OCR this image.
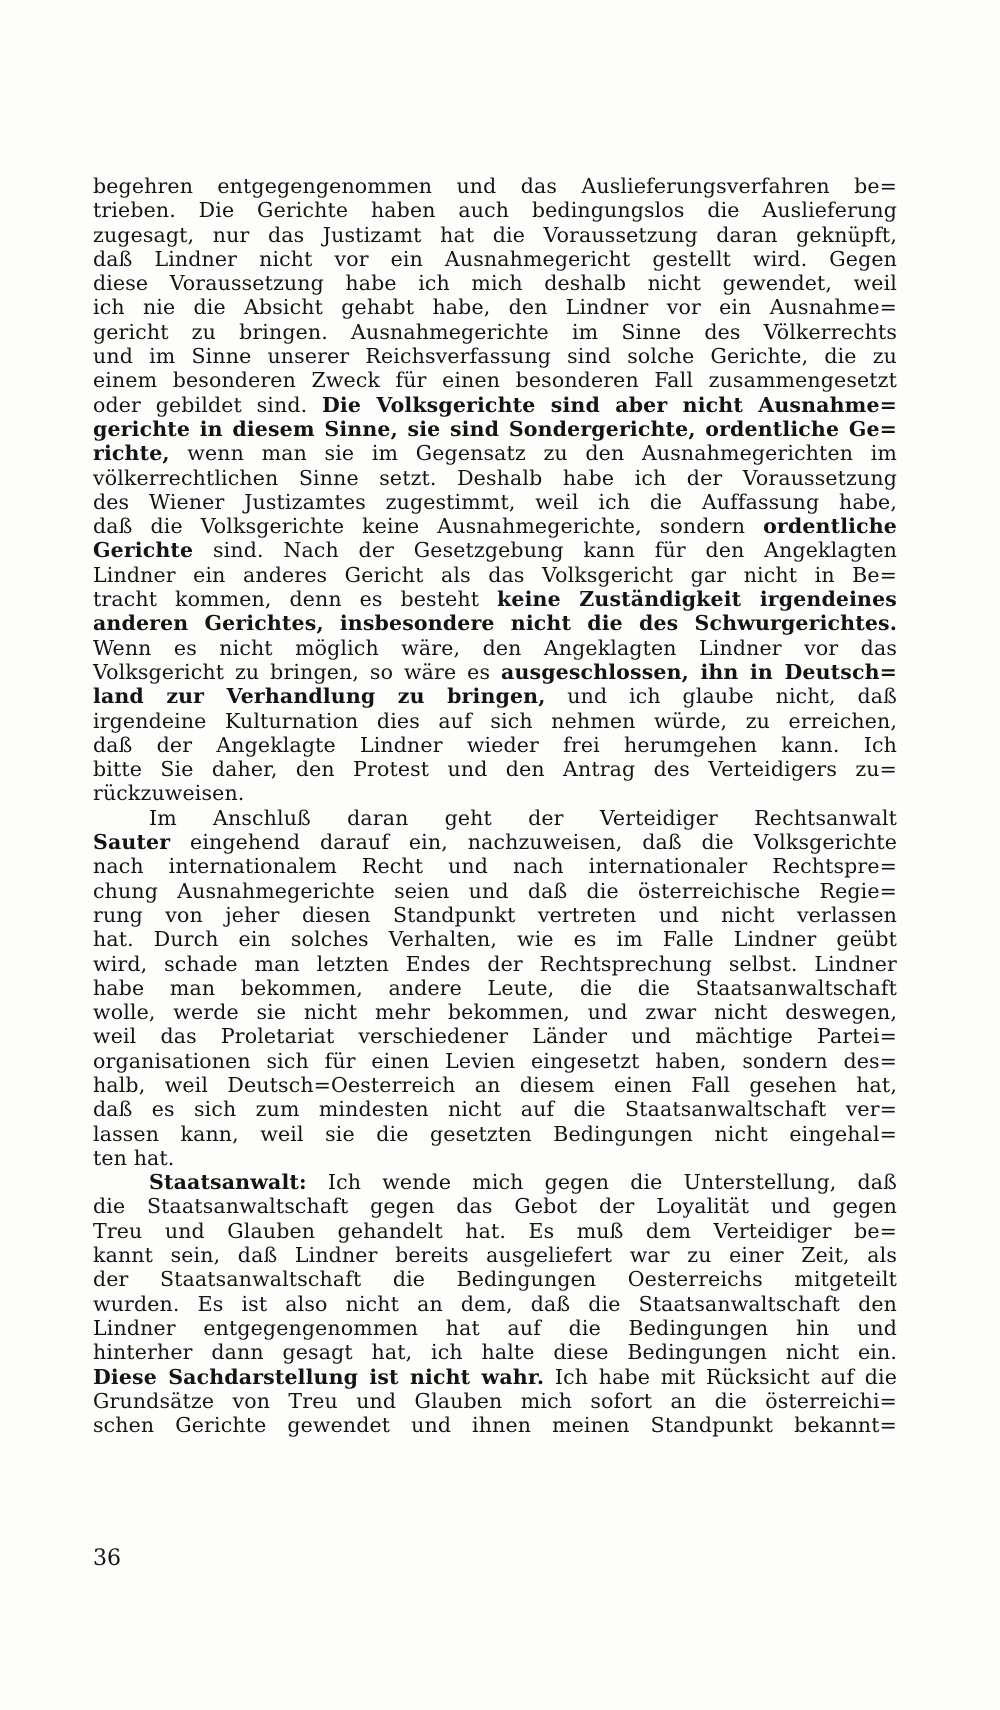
begehren entgegengenommen und das Auslieferungsverfahren be=
trieben. Die Gerichte haben auch bedingungslos die Auslieferung
zugesagt, nur das Justizamt hat die Voraussetzung daran geknüpft,
daß Lindner nicht vor ein Ausnahmegericht gestellt wird. Gegen
diese Voraussetzung habe ich mich deshalb nicht gewendet, weil
ich nie die Absicht gehabt habe, den Lindner vor ein Ausnahme=
gericht zu bringen. Ausnahmegerichte im Sinne des Völkerrechts
und im Sinne unserer Reichsverfassung sind solche Gerichte, die zu
einem besonderen Zweck für einen besonderen Fall zusammengesetzt
oder gebildet sind. Die Volksgerichte sind aber nicht Ausnahme=
gerichte in diesem Sinne, sie sind Sondergerichte, ordentliche Ge=
richte, wenn man sie im Gegensatz zu den Ausnahmegerichten im
völkerrechtlichen Sinne setzt. Deshalb habe ich der Voraussetzung
des Wiener Justizamtes zugestimmt, weil ich die Auffassung habe,
daß die Volksgerichte keine Ausnahmegerichte, sondern ordentliche
Gerichte sind. Nach der Gesetzgebung kann für den Angeklagten
Lindner ein anderes Gericht als das Volksgericht gar nicht in Be=
tracht kommen, denn es besteht keine Zuständigkeit irgendeines
anderen Gerichtes, insbesondere nicht die des Schwurgerichtes.
Wenn es nicht möglich wäre, den Angeklagten Lindner vor das
Volksgericht zu bringen, so wäre es ausgeschlossen, ihn in Deutsch=
land zur Verhandlung zu bringen, und ich glaube nicht, daß
irgendeine Kulturnation dies auf sich nehmen würde, zu erreichen,
daß der Angeklagte Lindner wieder frei herumgehen kann. Ich
bitte Sie daher, den Protest und den Antrag des Verteidigers zu=
rückzuweisen.
Im Anschluß daran geht der Verteidiger Rechtsanwalt
Sauter eingehend darauf ein, nachzuweisen, daß die Volksgerichte
nach internationalem Recht und nach internationaler Rechtspre=
chung Ausnahmegerichte seien und daß die österreichische Regie=
rung von jeher diesen Standpunkt vertreten und nicht verlassen
hat. Durch ein solches Verhalten, wie es im Falle Lindner geübt
wird, schade man letzten Endes der Rechtsprechung selbst. Lindner
habe man bekommen, andere Leute, die die Staatsanwaltschaft
wolle, werde sie nicht mehr bekommen, und zwar nicht deswegen,
weil das Proletariat verschiedener Länder und mächtige Partei=
organisationen sich für einen Levien eingesetzt haben, sondern des=
halb, weil Deutsch=Oesterreich an diesem einen Fall gesehen hat,
daß es sich zum mindesten nicht auf die Staatsanwaltschaft ver=
lassen kann, weil sie die gesetzten Bedingungen nicht eingehal=
ten hat.
Staatsanwalt: Ich wende mich gegen die Unterstellung, daß
die Staatsanwaltschaft gegen das Gebot der Loyalität und gegen
Treu und Glauben gehandelt hat. Es muß dem Verteidiger be=
kannt sein, daß Lindner bereits ausgeliefert war zu einer Zeit, als
der Staatsanwaltschaft die Bedingungen Oesterreichs mitgeteilt
wurden. Es ist also nicht an dem, daß die Staatsanwaltschaft den
Lindner entgegengenommen hat auf die Bedingungen hin und
hinterher dann gesagt hat, ich halte diese Bedingungen nicht ein.
Diese Sachdarstellung ist nicht wahr. Ich habe mit Rücksicht auf die
Grundsätze von Treu und Glauben mich sofort an die österreichi=
schen Gerichte gewendet und ihnen meinen Standpunkt bekannt=
36
